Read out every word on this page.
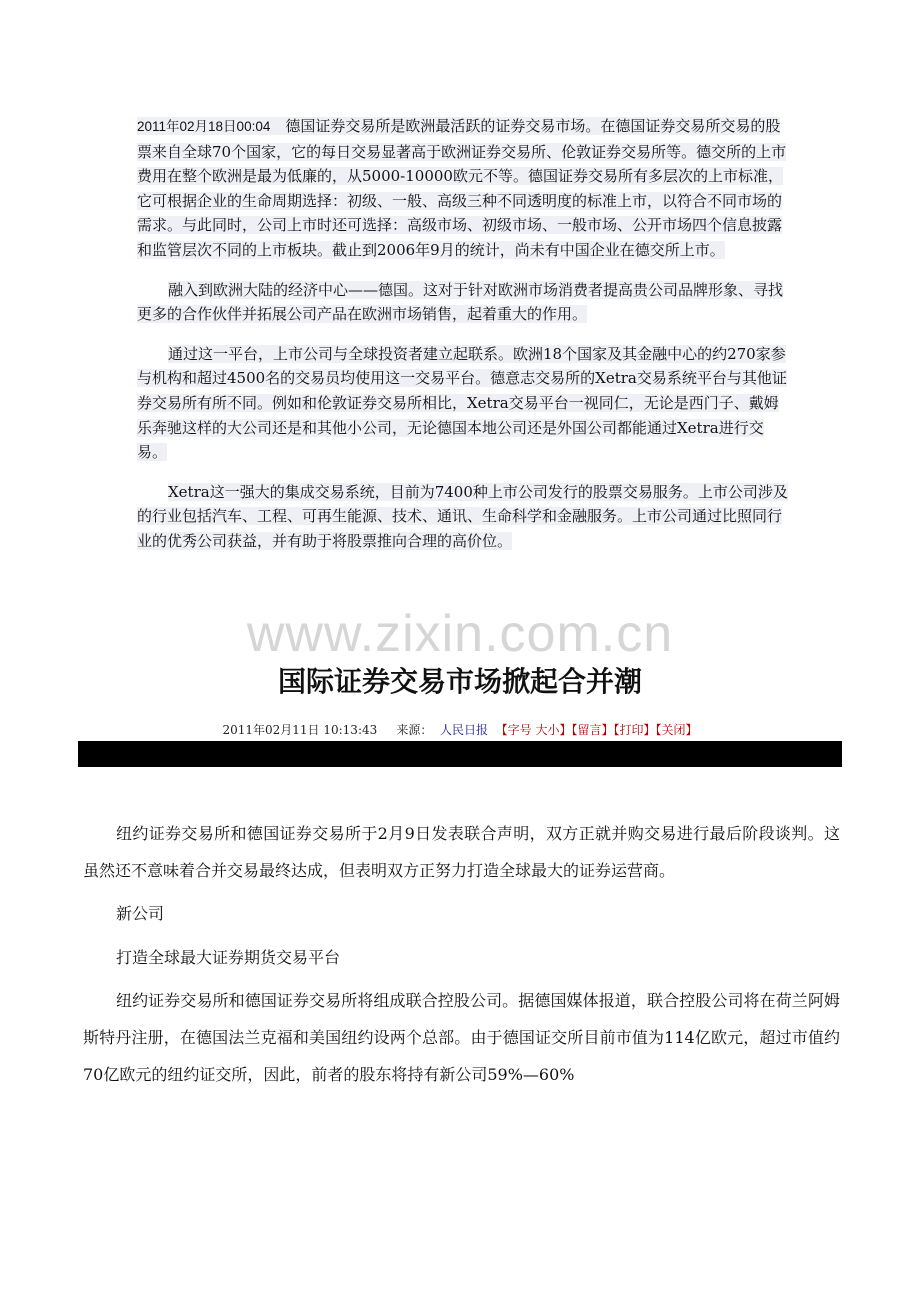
2011年02月18日00:04　 德国证券交易所是欧洲最活跃的证券交易市场。在德国证券交易所交易的股票来自全球70个国家，它的每日交易显著高于欧洲证券交易所、伦敦证券交易所等。德交所的上市费用在整个欧洲是最为低廉的，从5000-10000欧元不等。德国证券交易所有多层次的上市标准，它可根据企业的生命周期选择：初级、一般、高级三种不同透明度的标准上市，以符合不同市场的需求。与此同时，公司上市时还可选择：高级市场、初级市场、一般市场、公开市场四个信息披露和监管层次不同的上市板块。截止到2006年9月的统计，尚未有中国企业在德交所上市。

融入到欧洲大陆的经济中心——德国。这对于针对欧洲市场消费者提高贵公司品牌形象、寻找更多的合作伙伴并拓展公司产品在欧洲市场销售，起着重大的作用。

通过这一平台，上市公司与全球投资者建立起联系。欧洲18个国家及其金融中心的约270家参与机构和超过4500名的交易员均使用这一交易平台。德意志交易所的Xetra交易系统平台与其他证券交易所有所不同。例如和伦敦证券交易所相比，Xetra交易平台一视同仁，无论是西门子、戴姆乐奔驰这样的大公司还是和其他小公司，无论德国本地公司还是外国公司都能通过Xetra进行交易。

Xetra这一强大的集成交易系统，目前为7400种上市公司发行的股票交易服务。上市公司涉及的行业包括汽车、工程、可再生能源、技术、通讯、生命科学和金融服务。上市公司通过比照同行业的优秀公司获益，并有助于将股票推向合理的高价位。

www.zixin.com.cn
国际证券交易市场掀起合并潮
2011年02月11日 10:13:43 来源： 人民日报 【字号 大小】【留言】【打印】【关闭】

纽约证券交易所和德国证券交易所于2月9日发表联合声明，双方正就并购交易进行最后阶段谈判。这虽然还不意味着合并交易最终达成，但表明双方正努力打造全球最大的证券运营商。

新公司

打造全球最大证券期货交易平台

纽约证券交易所和德国证券交易所将组成联合控股公司。据德国媒体报道，联合控股公司将在荷兰阿姆斯特丹注册，在德国法兰克福和美国纽约设两个总部。由于德国证交所目前市值为114亿欧元，超过市值约70亿欧元的纽约证交所，因此，前者的股东将持有新公司59%—60%
